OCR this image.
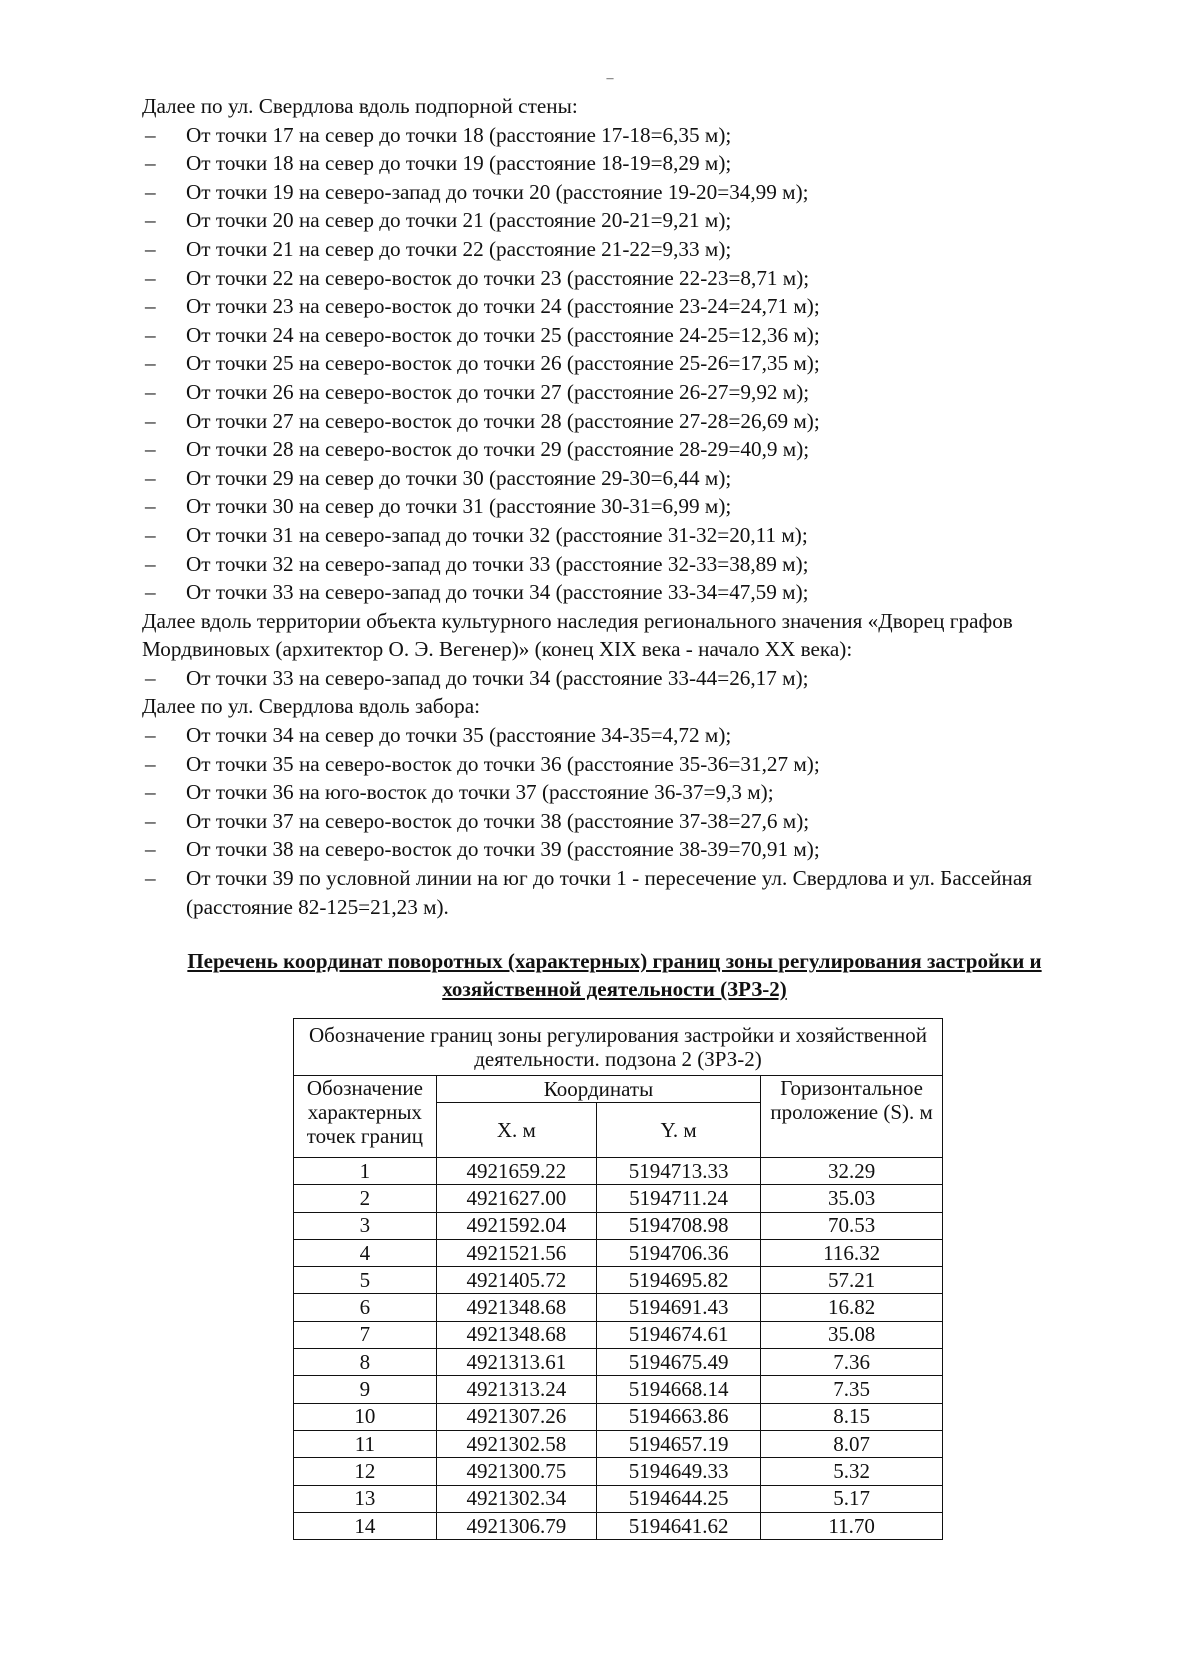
–

Далее по ул. Свердлова вдоль подпорной стены:

– От точки 17 на север до точки 18 (расстояние 17-18=6,35 м);
– От точки 18 на север до точки 19 (расстояние 18-19=8,29 м);
– От точки 19 на северо-запад до точки 20 (расстояние 19-20=34,99 м);
– От точки 20 на север до точки 21 (расстояние 20-21=9,21 м);
– От точки 21 на север до точки 22 (расстояние 21-22=9,33 м);
– От точки 22 на северо-восток до точки 23 (расстояние 22-23=8,71 м);
– От точки 23 на северо-восток до точки 24 (расстояние 23-24=24,71 м);
– От точки 24 на северо-восток до точки 25 (расстояние 24-25=12,36 м);
– От точки 25 на северо-восток до точки 26 (расстояние 25-26=17,35 м);
– От точки 26 на северо-восток до точки 27 (расстояние 26-27=9,92 м);
– От точки 27 на северо-восток до точки 28 (расстояние 27-28=26,69 м);
– От точки 28 на северо-восток до точки 29 (расстояние 28-29=40,9 м);
– От точки 29 на север до точки 30 (расстояние 29-30=6,44 м);
– От точки 30 на север до точки 31 (расстояние 30-31=6,99 м);
– От точки 31 на северо-запад до точки 32 (расстояние 31-32=20,11 м);
– От точки 32 на северо-запад до точки 33 (расстояние 32-33=38,89 м);
– От точки 33 на северо-запад до точки 34 (расстояние 33-34=47,59 м);

Далее вдоль территории объекта культурного наследия регионального значения «Дворец графов Мордвиновых (архитектор О. Э. Вегенер)» (конец XIX века - начало XX века):

– От точки 33 на северо-запад до точки 34 (расстояние 33-44=26,17 м);

Далее по ул. Свердлова вдоль забора:

– От точки 34 на север до точки 35 (расстояние 34-35=4,72 м);
– От точки 35 на северо-восток до точки 36 (расстояние 35-36=31,27 м);
– От точки 36 на юго-восток до точки 37 (расстояние 36-37=9,3 м);
– От точки 37 на северо-восток до точки 38 (расстояние 37-38=27,6 м);
– От точки 38 на северо-восток до точки 39 (расстояние 38-39=70,91 м);
– От точки 39 по условной линии на юг до точки 1 - пересечение ул. Свердлова и ул. Бассейная (расстояние 82-125=21,23 м).
Перечень координат поворотных (характерных) границ зоны регулирования застройки и хозяйственной деятельности (ЗРЗ-2)
Обозначение границ зоны регулирования застройки и хозяйственной деятельности. подзона 2 (ЗРЗ-2)			
Обозначение характерных точек границ	Координаты		Горизонтальное проложение (S). м
	X. м	Y. м	
1	4921659.22	5194713.33	32.29
2	4921627.00	5194711.24	35.03
3	4921592.04	5194708.98	70.53
4	4921521.56	5194706.36	116.32
5	4921405.72	5194695.82	57.21
6	4921348.68	5194691.43	16.82
7	4921348.68	5194674.61	35.08
8	4921313.61	5194675.49	7.36
9	4921313.24	5194668.14	7.35
10	4921307.26	5194663.86	8.15
11	4921302.58	5194657.19	8.07
12	4921300.75	5194649.33	5.32
13	4921302.34	5194644.25	5.17
14	4921306.79	5194641.62	11.70
